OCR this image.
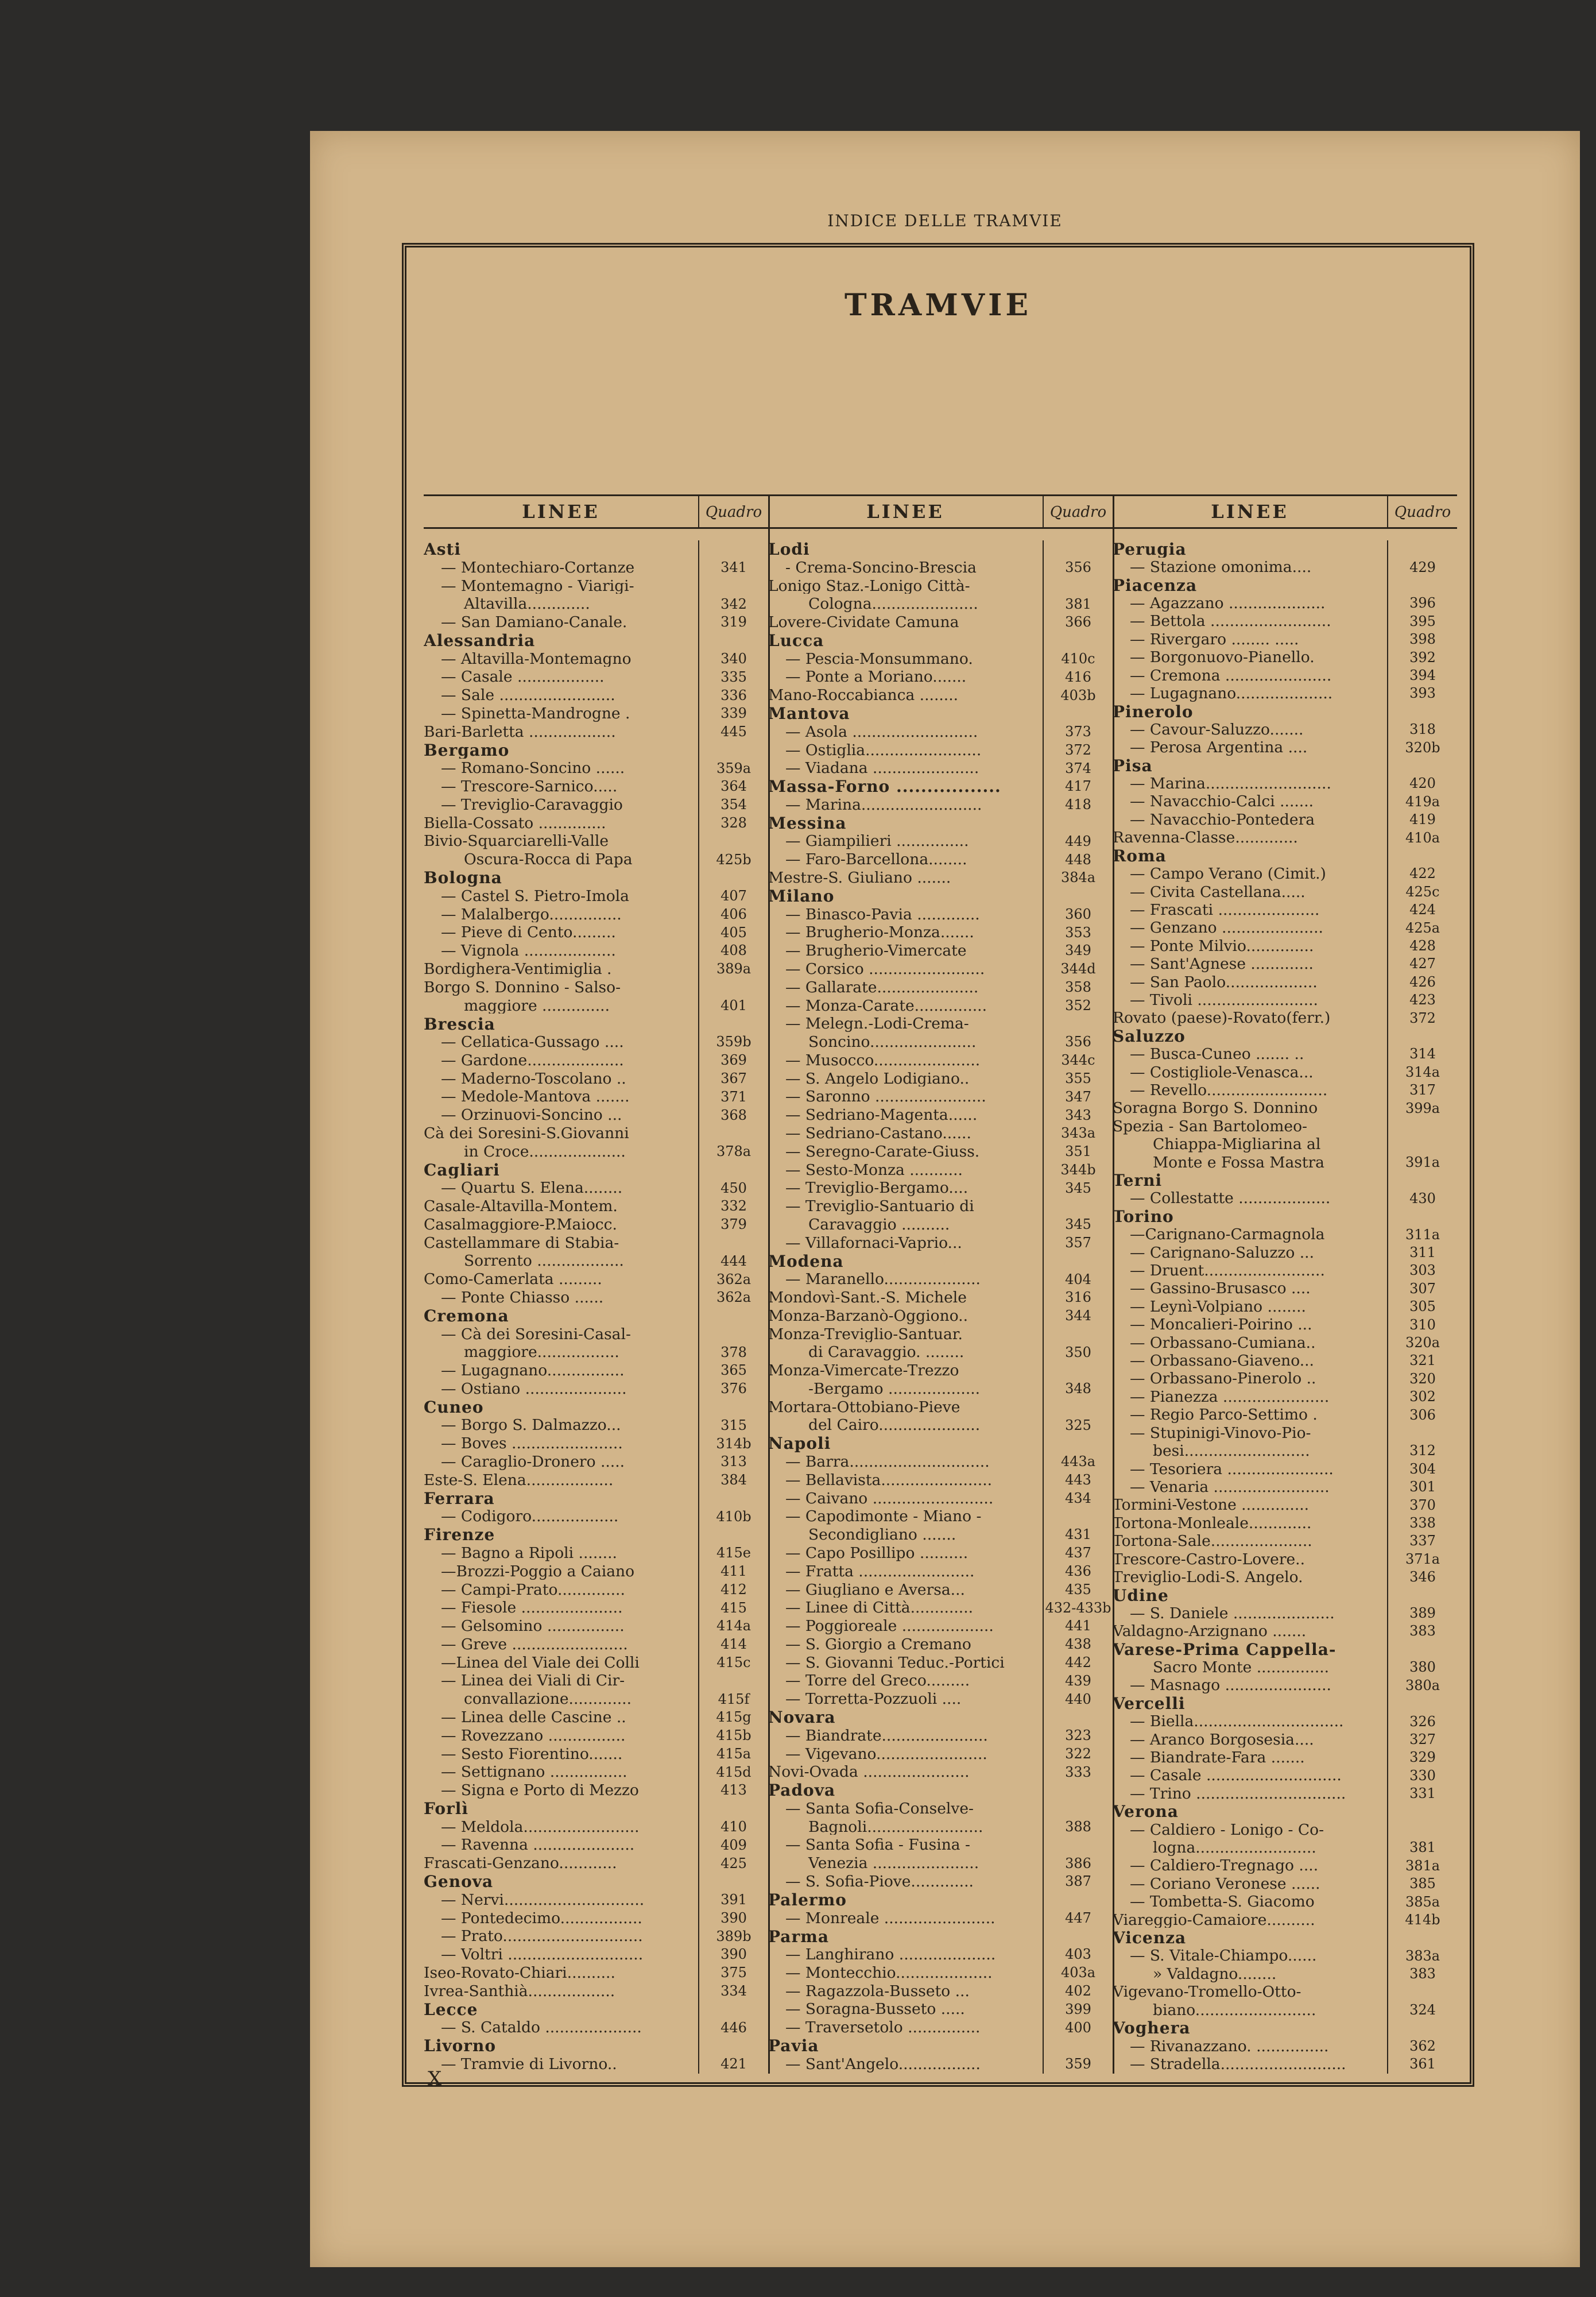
INDICE DELLE TRAMVIE
TRAMVIE
LINEE	Quadro	LINEE	Quadro	LINEE	Quadro
Asti
— Montechiaro-Cortanze	341
— Montemagno - Viarigi-
Altavilla.............	342
— San Damiano-Canale.	319
Alessandria
— Altavilla-Montemagno	340
— Casale ..................	335
— Sale ........................	336
— Spinetta-Mandrogne .	339
Bari-Barletta ..................	445
Bergamo
— Romano-Soncino ......	359a
— Trescore-Sarnico.....	364
— Treviglio-Caravaggio	354
Biella-Cossato ..............	328
Bivio-Squarciarelli-Valle
Oscura-Rocca di Papa	425b
Bologna
— Castel S. Pietro-Imola	407
— Malalbergo...............	406
— Pieve di Cento.........	405
— Vignola ...................	408
Bordighera-Ventimiglia .	389a
Borgo S. Donnino - Salso-
maggiore ..............	401
Brescia
— Cellatica-Gussago ....	359b
— Gardone....................	369
— Maderno-Toscolano ..	367
— Medole-Mantova .......	371
— Orzinuovi-Soncino ...	368
Cà dei Soresini-S.Giovanni
in Croce....................	378a
Cagliari
— Quartu S. Elena........	450
Casale-Altavilla-Montem.	332
Casalmaggiore-P.Maiocc.	379
Castellammare di Stabia-
Sorrento ..................	444
Como-Camerlata .........	362a
— Ponte Chiasso ......	362a
Cremona
— Cà dei Soresini-Casal-
maggiore.................	378
— Lugagnano................	365
— Ostiano .....................	376
Cuneo
— Borgo S. Dalmazzo...	315
— Boves .......................	314b
— Caraglio-Dronero .....	313
Este-S. Elena..................	384
Ferrara
— Codigoro..................	410b
Firenze
— Bagno a Ripoli ........	415e
—Brozzi-Poggio a Caiano	411
— Campi-Prato..............	412
— Fiesole .....................	415
— Gelsomino ................	414a
— Greve ........................	414
—Linea del Viale dei Colli	415c
— Linea dei Viali di Cir-
convallazione.............	415f
— Linea delle Cascine ..	415g
— Rovezzano ................	415b
— Sesto Fiorentino.......	415a
— Settignano ................	415d
— Signa e Porto di Mezzo	413
Forlì
— Meldola........................	410
— Ravenna .....................	409
Frascati-Genzano............	425
Genova
— Nervi.............................	391
— Pontedecimo.................	390
— Prato.............................	389b
— Voltri ............................	390
Iseo-Rovato-Chiari..........	375
Ivrea-Santhià..................	334
Lecce
— S. Cataldo ....................	446
Livorno
— Tramvie di Livorno..	421
Lodi
- Crema-Soncino-Brescia	356
Lonigo Staz.-Lonigo Città-
Cologna......................	381
Lovere-Cividate Camuna	366
Lucca
— Pescia-Monsummano.	410c
— Ponte a Moriano.......	416
Mano-Roccabianca ........	403b
Mantova
— Asola ..........................	373
— Ostiglia........................	372
— Viadana ......................	374
Massa-Forno .................	417
— Marina.........................	418
Messina
— Giampilieri ...............	449
— Faro-Barcellona........	448
Mestre-S. Giuliano .......	384a
Milano
— Binasco-Pavia .............	360
— Brugherio-Monza.......	353
— Brugherio-Vimercate	349
— Corsico ........................	344d
— Gallarate.....................	358
— Monza-Carate...............	352
— Melegn.-Lodi-Crema-
Soncino......................	356
— Musocco......................	344c
— S. Angelo Lodigiano..	355
— Saronno .......................	347
— Sedriano-Magenta......	343
— Sedriano-Castano......	343a
— Seregno-Carate-Giuss.	351
— Sesto-Monza ...........	344b
— Treviglio-Bergamo....	345
— Treviglio-Santuario di
Caravaggio ..........	345
— Villafornaci-Vaprio...	357
Modena
— Maranello....................	404
Mondovì-Sant.-S. Michele	316
Monza-Barzanò-Oggiono..	344
Monza-Treviglio-Santuar.
di Caravaggio. ........	350
Monza-Vimercate-Trezzo
-Bergamo ...................	348
Mortara-Ottobiano-Pieve
del Cairo.....................	325
Napoli
— Barra.............................	443a
— Bellavista.......................	443
— Caivano .........................	434
— Capodimonte - Miano -
Secondigliano .......	431
— Capo Posillipo ..........	437
— Fratta ........................	436
— Giugliano e Aversa...	435
— Linee di Città.............	432-433b
— Poggioreale ...................	441
— S. Giorgio a Cremano	438
— S. Giovanni Teduc.-Portici	442
— Torre del Greco.........	439
— Torretta-Pozzuoli ....	440
Novara
— Biandrate......................	323
— Vigevano.......................	322
Novi-Ovada ......................	333
Padova
— Santa Sofia-Conselve-
Bagnoli........................	388
— Santa Sofia - Fusina -
Venezia ......................	386
— S. Sofia-Piove.............	387
Palermo
— Monreale .......................	447
Parma
— Langhirano ....................	403
— Montecchio....................	403a
— Ragazzola-Busseto ...	402
— Soragna-Busseto .....	399
— Traversetolo ...............	400
Pavia
— Sant'Angelo.................	359
Perugia
— Stazione omonima....	429
Piacenza
— Agazzano ....................	396
— Bettola .........................	395
— Rivergaro ........ .....	398
— Borgonuovo-Pianello.	392
— Cremona ......................	394
— Lugagnano....................	393
Pinerolo
— Cavour-Saluzzo.......	318
— Perosa Argentina ....	320b
Pisa
— Marina..........................	420
— Navacchio-Calci .......	419a
— Navacchio-Pontedera	419
Ravenna-Classe.............	410a
Roma
— Campo Verano (Cimit.)	422
— Civita Castellana.....	425c
— Frascati .....................	424
— Genzano .....................	425a
— Ponte Milvio..............	428
— Sant'Agnese .............	427
— San Paolo...................	426
— Tivoli .........................	423
Rovato (paese)-Rovato(ferr.)	372
Saluzzo
— Busca-Cuneo ....... ..	314
— Costigliole-Venasca...	314a
— Revello.........................	317
Soragna Borgo S. Donnino	399a
Spezia - San Bartolomeo-
Chiappa-Migliarina al
Monte e Fossa Mastra	391a
Terni
— Collestatte ...................	430
Torino
—Carignano-Carmagnola	311a
— Carignano-Saluzzo ...	311
— Druent.........................	303
— Gassino-Brusasco ....	307
— Leynì-Volpiano ........	305
— Moncalieri-Poirino ...	310
— Orbassano-Cumiana..	320a
— Orbassano-Giaveno...	321
— Orbassano-Pinerolo ..	320
— Pianezza ......................	302
— Regio Parco-Settimo .	306
— Stupinigi-Vinovo-Pio-
besi..........................	312
— Tesoriera ......................	304
— Venaria ........................	301
Tormini-Vestone ..............	370
Tortona-Monleale.............	338
Tortona-Sale.....................	337
Trescore-Castro-Lovere..	371a
Treviglio-Lodi-S. Angelo.	346
Udine
— S. Daniele .....................	389
Valdagno-Arzignano .......	383
Varese-Prima Cappella-
Sacro Monte ...............	380
— Masnago ......................	380a
Vercelli
— Biella...............................	326
— Aranco Borgosesia....	327
— Biandrate-Fara .......	329
— Casale ............................	330
— Trino ...............................	331
Verona
— Caldiero - Lonigo - Co-
logna.........................	381
— Caldiero-Tregnago ....	381a
— Coriano Veronese ......	385
— Tombetta-S. Giacomo	385a
Viareggio-Camaiore..........	414b
Vicenza
— S. Vitale-Chiampo......	383a
» Valdagno........	383
Vigevano-Tromello-Otto-
biano.........................	324
Voghera
— Rivanazzano. ...............	362
— Stradella..........................	361
X
